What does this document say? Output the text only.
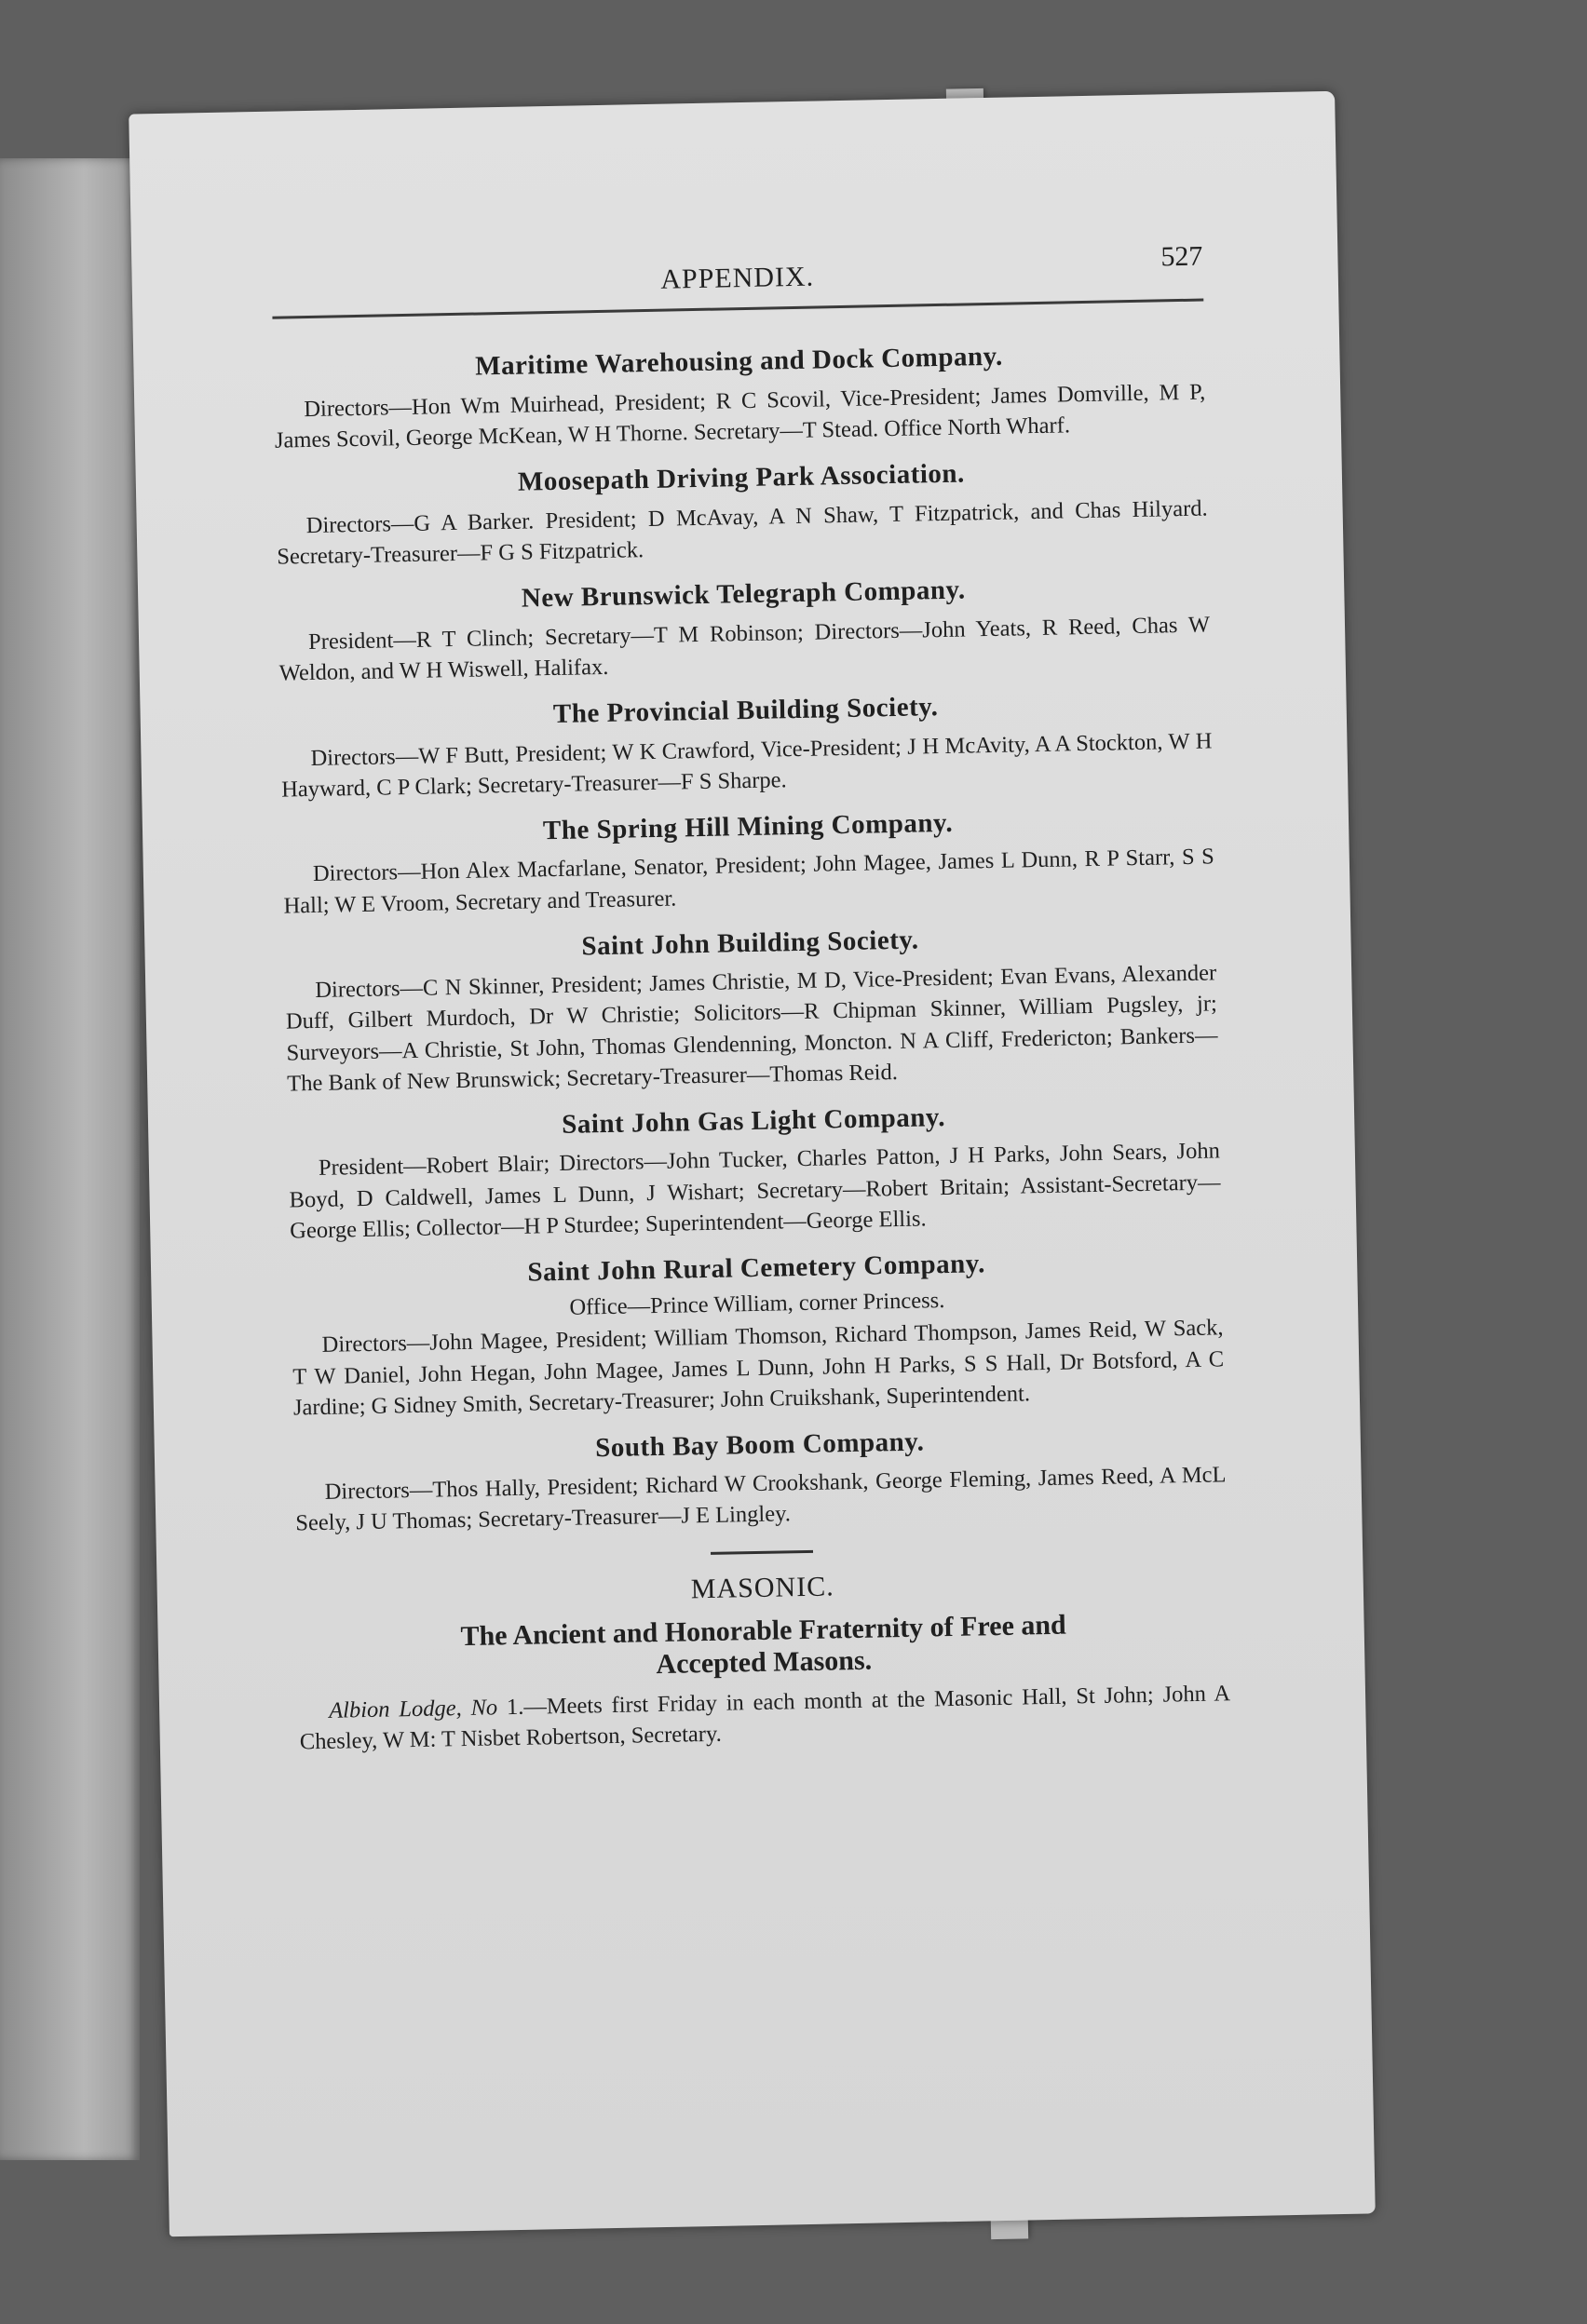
APPENDIX.
527
Maritime Warehousing and Dock Company.

Directors—Hon Wm Muirhead, President; R C Scovil, Vice-President; James Domville, M P, James Scovil, George McKean, W H Thorne. Secretary—T Stead. Office North Wharf.

Moosepath Driving Park Association.

Directors—G A Barker. President; D McAvay, A N Shaw, T Fitzpatrick, and Chas Hilyard. Secretary-Treasurer—F G S Fitzpatrick.

New Brunswick Telegraph Company.

President—R T Clinch; Secretary—T M Robinson; Directors—John Yeats, R Reed, Chas W Weldon, and W H Wiswell, Halifax.

The Provincial Building Society.

Directors—W F Butt, President; W K Crawford, Vice-President; J H McAvity, A A Stockton, W H Hayward, C P Clark; Secretary-Treasurer—F S Sharpe.

The Spring Hill Mining Company.

Directors—Hon Alex Macfarlane, Senator, President; John Magee, James L Dunn, R P Starr, S S Hall; W E Vroom, Secretary and Treasurer.

Saint John Building Society.

Directors—C N Skinner, President; James Christie, M D, Vice-President; Evan Evans, Alexander Duff, Gilbert Murdoch, Dr W Christie; Solicitors—R Chipman Skinner, William Pugsley, jr; Surveyors—A Christie, St John, Thomas Glendenning, Moncton. N A Cliff, Fredericton; Bankers—The Bank of New Brunswick; Secretary-Treasurer—Thomas Reid.

Saint John Gas Light Company.

President—Robert Blair; Directors—John Tucker, Charles Patton, J H Parks, John Sears, John Boyd, D Caldwell, James L Dunn, J Wishart; Secretary—Robert Britain; Assistant-Secretary—George Ellis; Collector—H P Sturdee; Superintendent—George Ellis.

Saint John Rural Cemetery Company.
Office—Prince William, corner Princess.

Directors—John Magee, President; William Thomson, Richard Thompson, James Reid, W Sack, T W Daniel, John Hegan, John Magee, James L Dunn, John H Parks, S S Hall, Dr Botsford, A C Jardine; G Sidney Smith, Secretary-Treasurer; John Cruikshank, Superintendent.

South Bay Boom Company.

Directors—Thos Hally, President; Richard W Crookshank, George Fleming, James Reed, A McL Seely, J U Thomas; Secretary-Treasurer—J E Lingley.

MASONIC.
The Ancient and Honorable Fraternity of Free and
Accepted Masons.

Albion Lodge, No 1.—Meets first Friday in each month at the Masonic Hall, St John; John A Chesley, W M: T Nisbet Robertson, Secretary.
